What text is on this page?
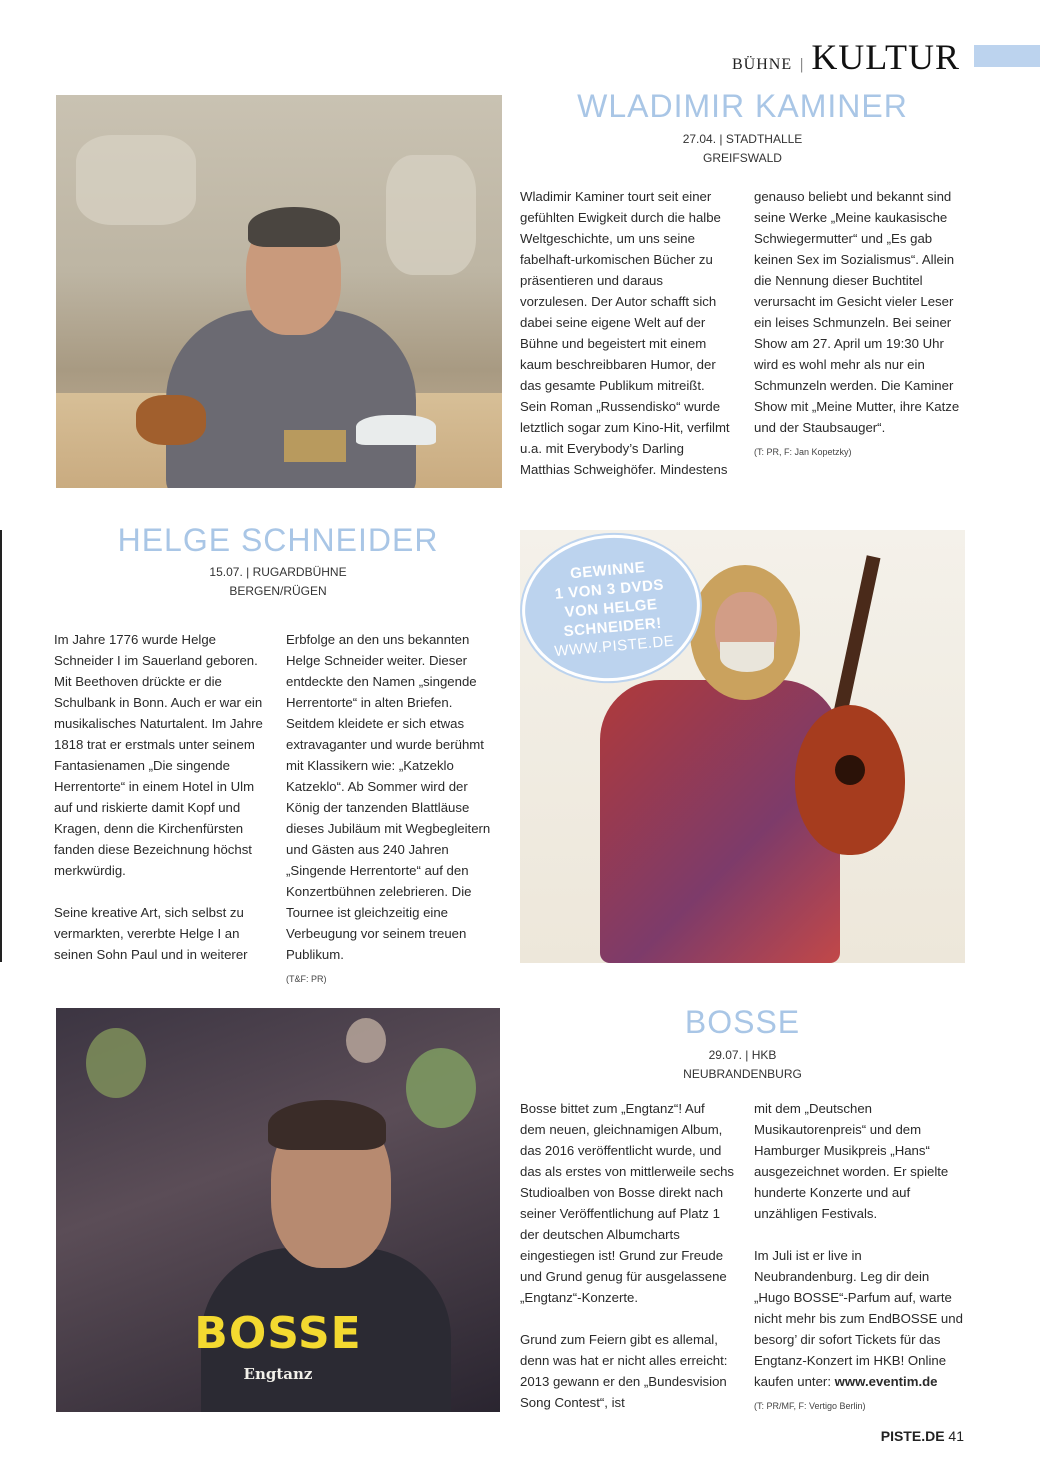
BÜHNE | KULTUR
WLADIMIR KAMINER
27.04. | STADTHALLE
GREIFSWALD

Wladimir Kaminer tourt seit einer gefühlten Ewigkeit durch die halbe Weltgeschichte, um uns seine fabelhaft-urkomischen Bücher zu präsentieren und daraus vorzulesen. Der Autor schafft sich dabei seine eigene Welt auf der Bühne und begeistert mit einem kaum beschreibbaren Humor, der das gesamte Publikum mitreißt. Sein Roman „Russendisko“ wurde letztlich sogar zum Kino-Hit, verfilmt u.a. mit Everybody’s Darling Matthias Schweighöfer. Mindestens

genauso beliebt und bekannt sind seine Werke „Meine kaukasische Schwiegermutter“ und „Es gab keinen Sex im Sozialismus“. Allein die Nennung dieser Buchtitel verursacht im Gesicht vieler Leser ein leises Schmunzeln. Bei seiner Show am 27. April um 19:30 Uhr wird es wohl mehr als nur ein Schmunzeln werden. Die Kaminer Show mit „Meine Mutter, ihre Katze und der Staubsauger“.

(T: PR, F: Jan Kopetzky)
HELGE SCHNEIDER
15.07. | RUGARDBÜHNE
BERGEN/RÜGEN

Im Jahre 1776 wurde Helge Schneider I im Sauerland geboren. Mit Beethoven drückte er die Schulbank in Bonn. Auch er war ein musikalisches Naturtalent. Im Jahre 1818 trat er erstmals unter seinem Fantasienamen „Die singende Herrentorte“ in einem Hotel in Ulm auf und riskierte damit Kopf und Kragen, denn die Kirchenfürsten fanden diese Bezeichnung höchst merkwürdig.

Seine kreative Art, sich selbst zu vermarkten, vererbte Helge I an seinen Sohn Paul und in weiterer

Erbfolge an den uns bekannten Helge Schneider weiter. Dieser entdeckte den Namen „singende Herrentorte“ in alten Briefen. Seitdem kleidete er sich etwas extravaganter und wurde berühmt mit Klassikern wie: „Katzeklo Katzeklo“. Ab Sommer wird der König der tanzenden Blattläuse dieses Jubiläum mit Wegbegleitern und Gästen aus 240 Jahren „Singende Herrentorte“ auf den Konzertbühnen zelebrieren. Die Tournee ist gleichzeitig eine Verbeugung vor seinem treuen Publikum.

(T&F: PR)
GEWINNE
1 VON 3 DVDS
VON HELGE
SCHNEIDER!
WWW.PISTE.DE
BOSSE
Engtanz
BOSSE
29.07. | HKB
NEUBRANDENBURG

Bosse bittet zum „Engtanz“! Auf dem neuen, gleichnamigen Album, das 2016 veröffentlicht wurde, und das als erstes von mittlerweile sechs Studioalben von Bosse direkt nach seiner Veröffentlichung auf Platz 1 der deutschen Albumcharts eingestiegen ist! Grund zur Freude und Grund genug für ausgelassene „Engtanz“-Konzerte.

Grund zum Feiern gibt es allemal, denn was hat er nicht alles erreicht: 2013 gewann er den „Bundesvision Song Contest“, ist

mit dem „Deutschen Musikautorenpreis“ und dem Hamburger Musikpreis „Hans“ ausgezeichnet worden. Er spielte hunderte Konzerte und auf unzähligen Festivals.

Im Juli ist er live in Neubrandenburg. Leg dir dein „Hugo BOSSE“-Parfum auf, warte nicht mehr bis zum EndBOSSE und besorg’ dir sofort Tickets für das Engtanz-Konzert im HKB! Online kaufen unter: www.eventim.de

(T: PR/MF, F: Vertigo Berlin)
PISTE.DE 41
